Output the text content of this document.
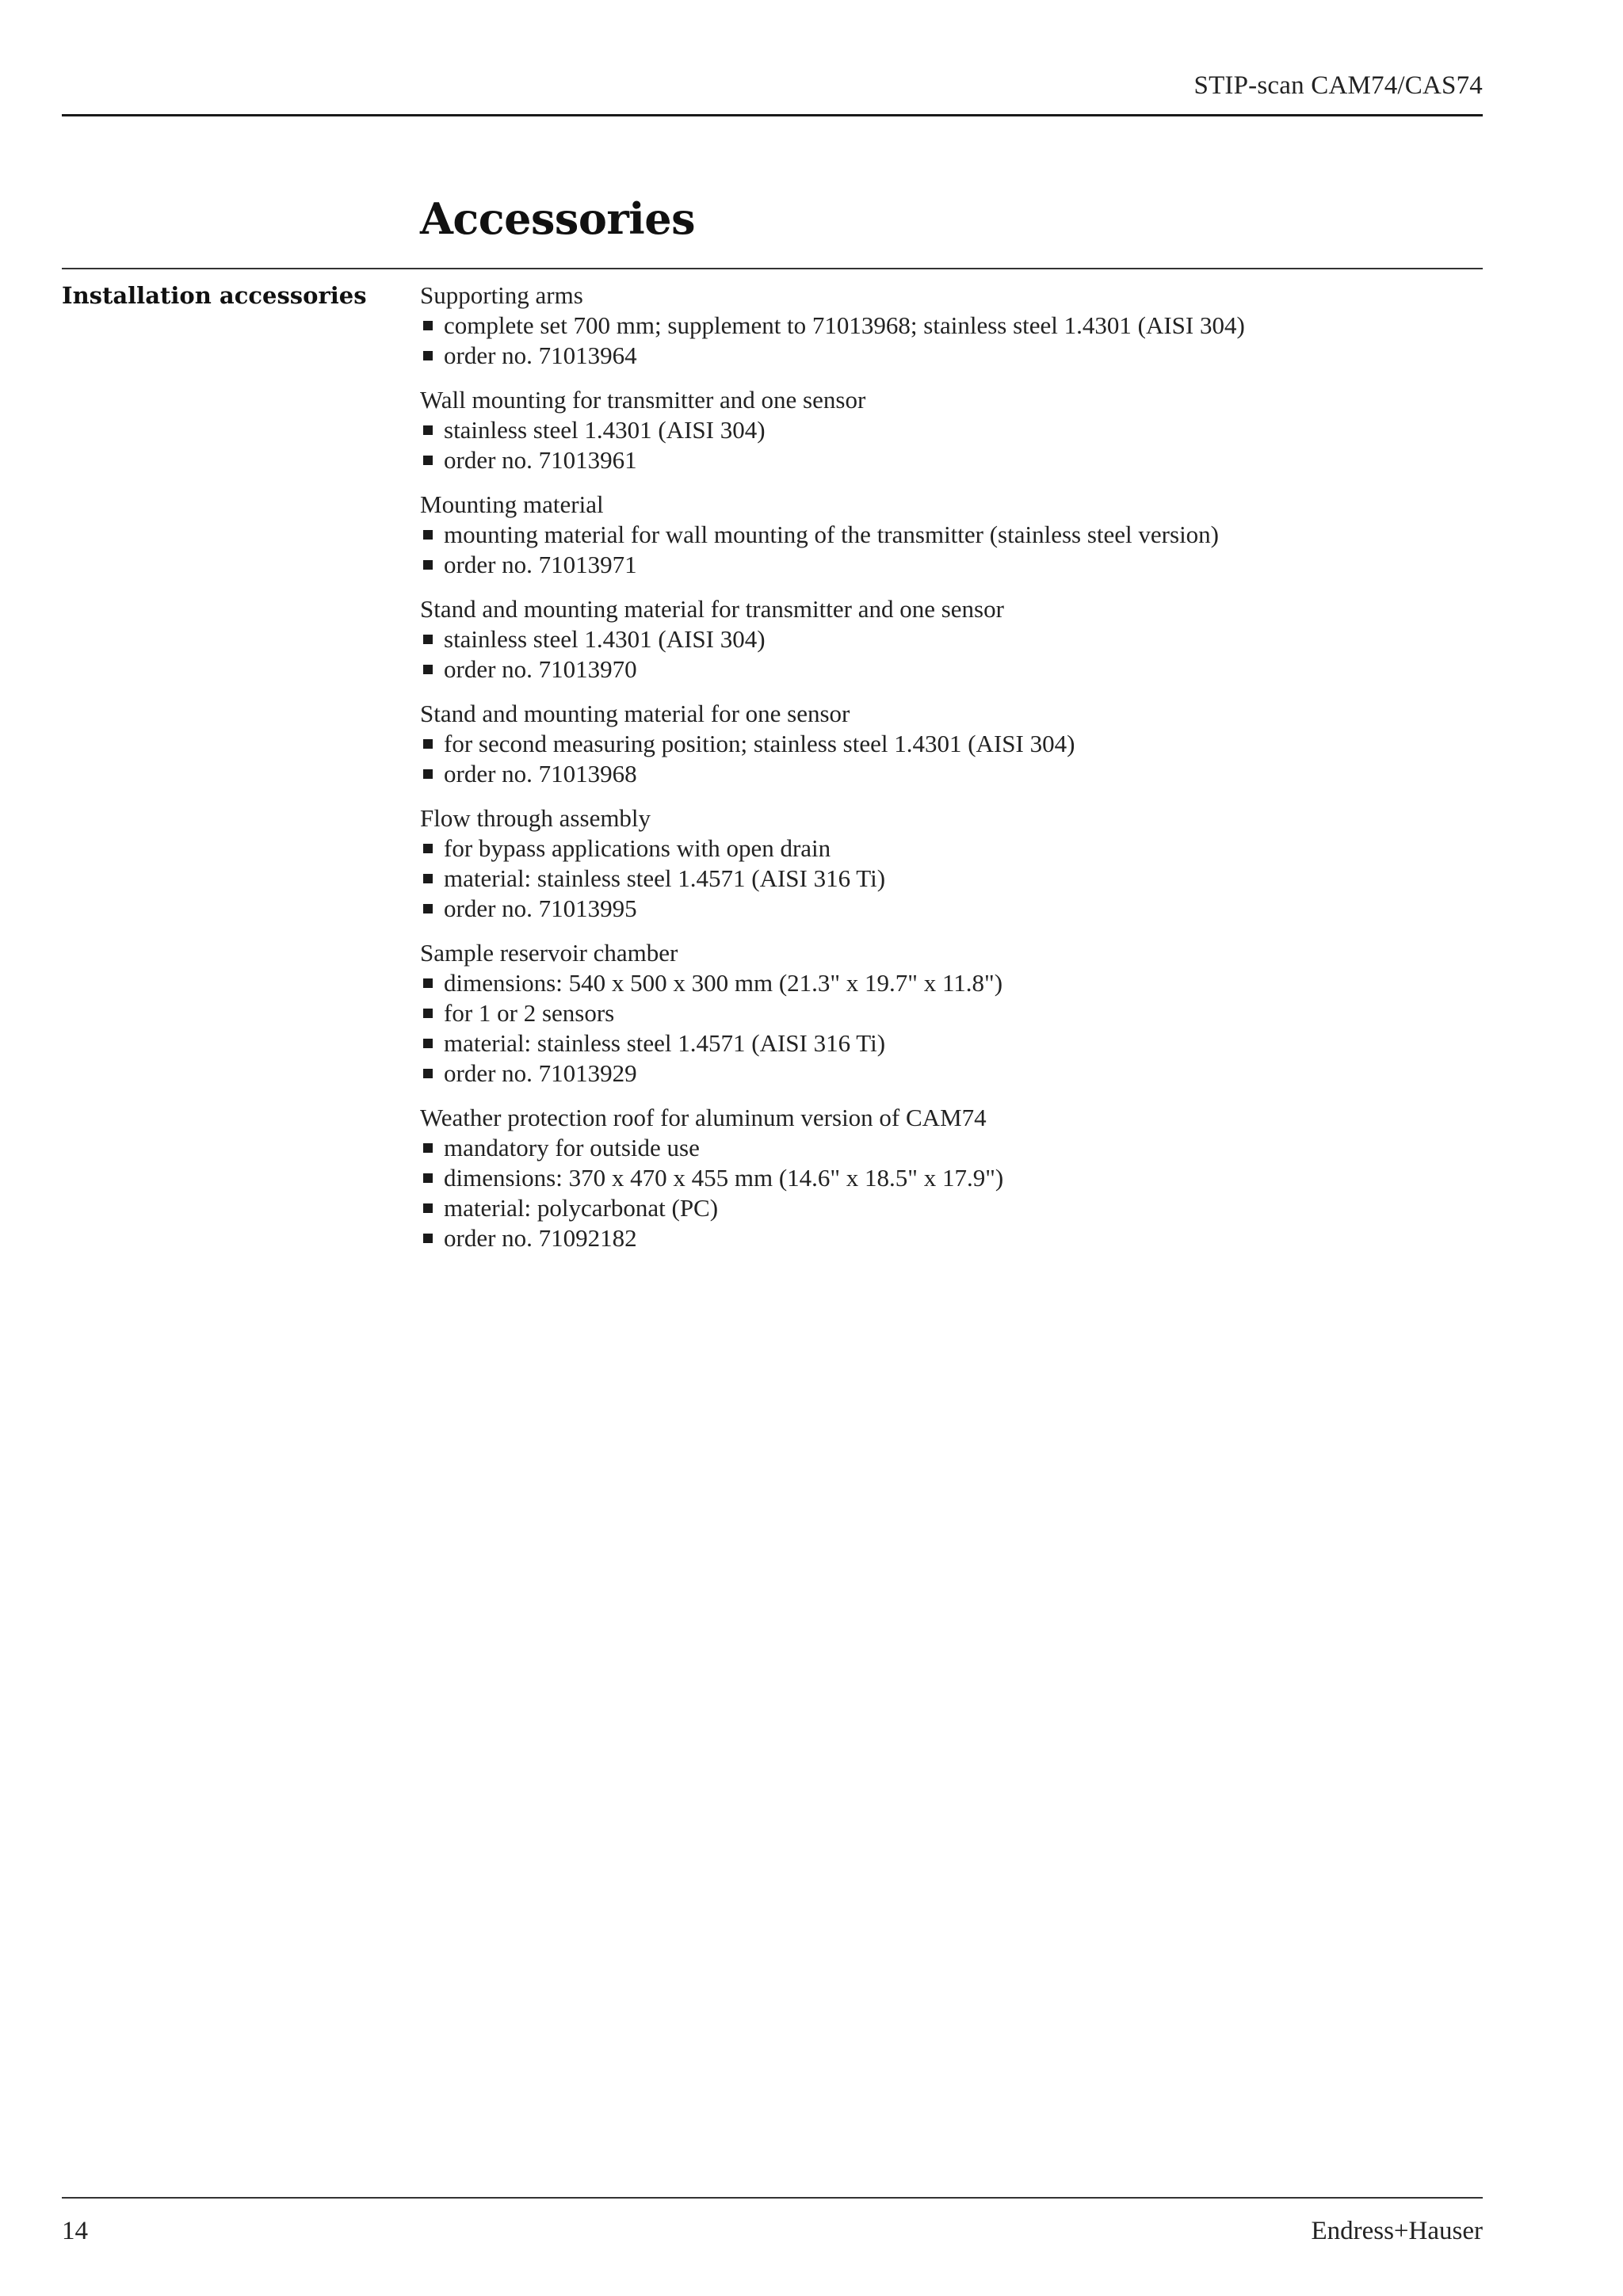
STIP-scan CAM74/CAS74
Accessories
Installation accessories Supporting arms
complete set 700 mm; supplement to 71013968; stainless steel 1.4301 (AISI 304)
order no. 71013964
Wall mounting for transmitter and one sensor
stainless steel 1.4301 (AISI 304)
order no. 71013961
Mounting material
mounting material for wall mounting of the transmitter (stainless steel version)
order no. 71013971
Stand and mounting material for transmitter and one sensor
stainless steel 1.4301 (AISI 304)
order no. 71013970
Stand and mounting material for one sensor
for second measuring position; stainless steel 1.4301 (AISI 304)
order no. 71013968
Flow through assembly
for bypass applications with open drain
material: stainless steel 1.4571 (AISI 316 Ti)
order no. 71013995
Sample reservoir chamber
dimensions: 540 x 500 x 300 mm (21.3" x 19.7" x 11.8")
for 1 or 2 sensors
material: stainless steel 1.4571 (AISI 316 Ti)
order no. 71013929
Weather protection roof for aluminum version of CAM74
mandatory for outside use
dimensions: 370 x 470 x 455 mm (14.6" x 18.5" x 17.9")
material: polycarbonat (PC)
order no. 71092182
14	Endress+Hauser
